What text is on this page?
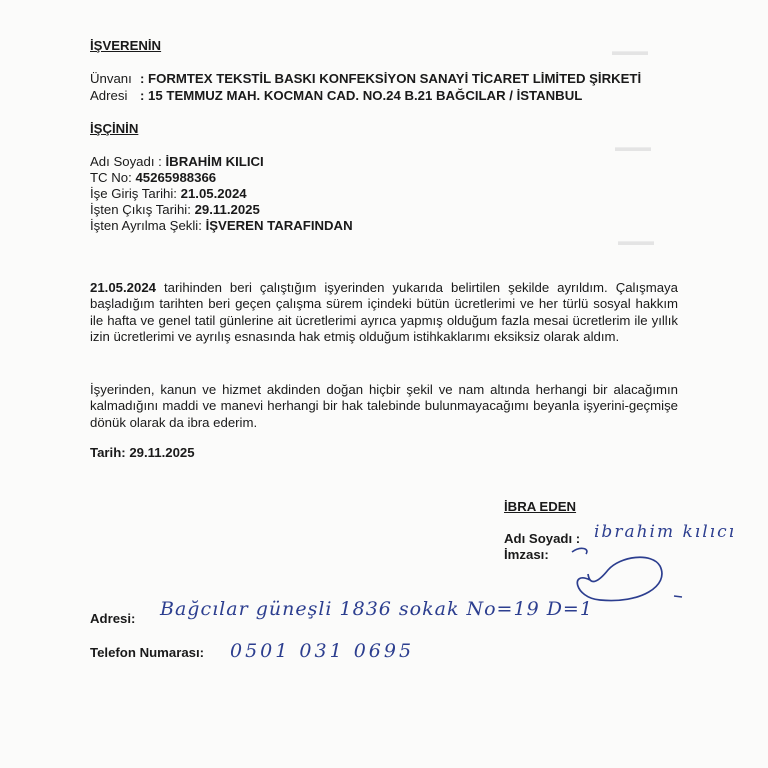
▬▬▬
▬▬▬
▬▬▬
İŞVERENİN
Ünvanı : FORMTEX TEKSTİL BASKI KONFEKSİYON SANAYİ TİCARET LİMİTED ŞİRKETİ
Adresi : 15 TEMMUZ MAH. KOCMAN CAD. NO.24 B.21 BAĞCILAR / İSTANBUL
İŞÇİNİN
Adı Soyadı : İBRAHİM KILICI
TC No: 45265988366
İşe Giriş Tarihi: 21.05.2024
İşten Çıkış Tarihi: 29.11.2025
İşten Ayrılma Şekli: İŞVEREN TARAFINDAN
21.05.2024 tarihinden beri çalıştığım işyerinden yukarıda belirtilen şekilde ayrıldım. Çalışmaya başladığım tarihten beri geçen çalışma sürem içindeki bütün ücretlerimi ve her türlü sosyal hakkım ile hafta ve genel tatil günlerine ait ücretlerimi ayrıca yapmış olduğum fazla mesai ücretlerim ile yıllık izin ücretlerimi ve ayrılış esnasında hak etmiş olduğum istihkaklarımı eksiksiz olarak aldım.
İşyerinden, kanun ve hizmet akdinden doğan hiçbir şekil ve nam altında herhangi bir alacağımın kalmadığını maddi ve manevi herhangi bir hak talebinde bulunmayacağımı beyanla işyerini-geçmişe dönük olarak da ibra ederim.
Tarih: 29.11.2025
İBRA EDEN
Adı Soyadı : ibrahim kılıcı
İmzası:
Adresi: Bağcılar güneşli 1836 sokak No=19 D=1
Telefon Numarası: 0501 031 0695
